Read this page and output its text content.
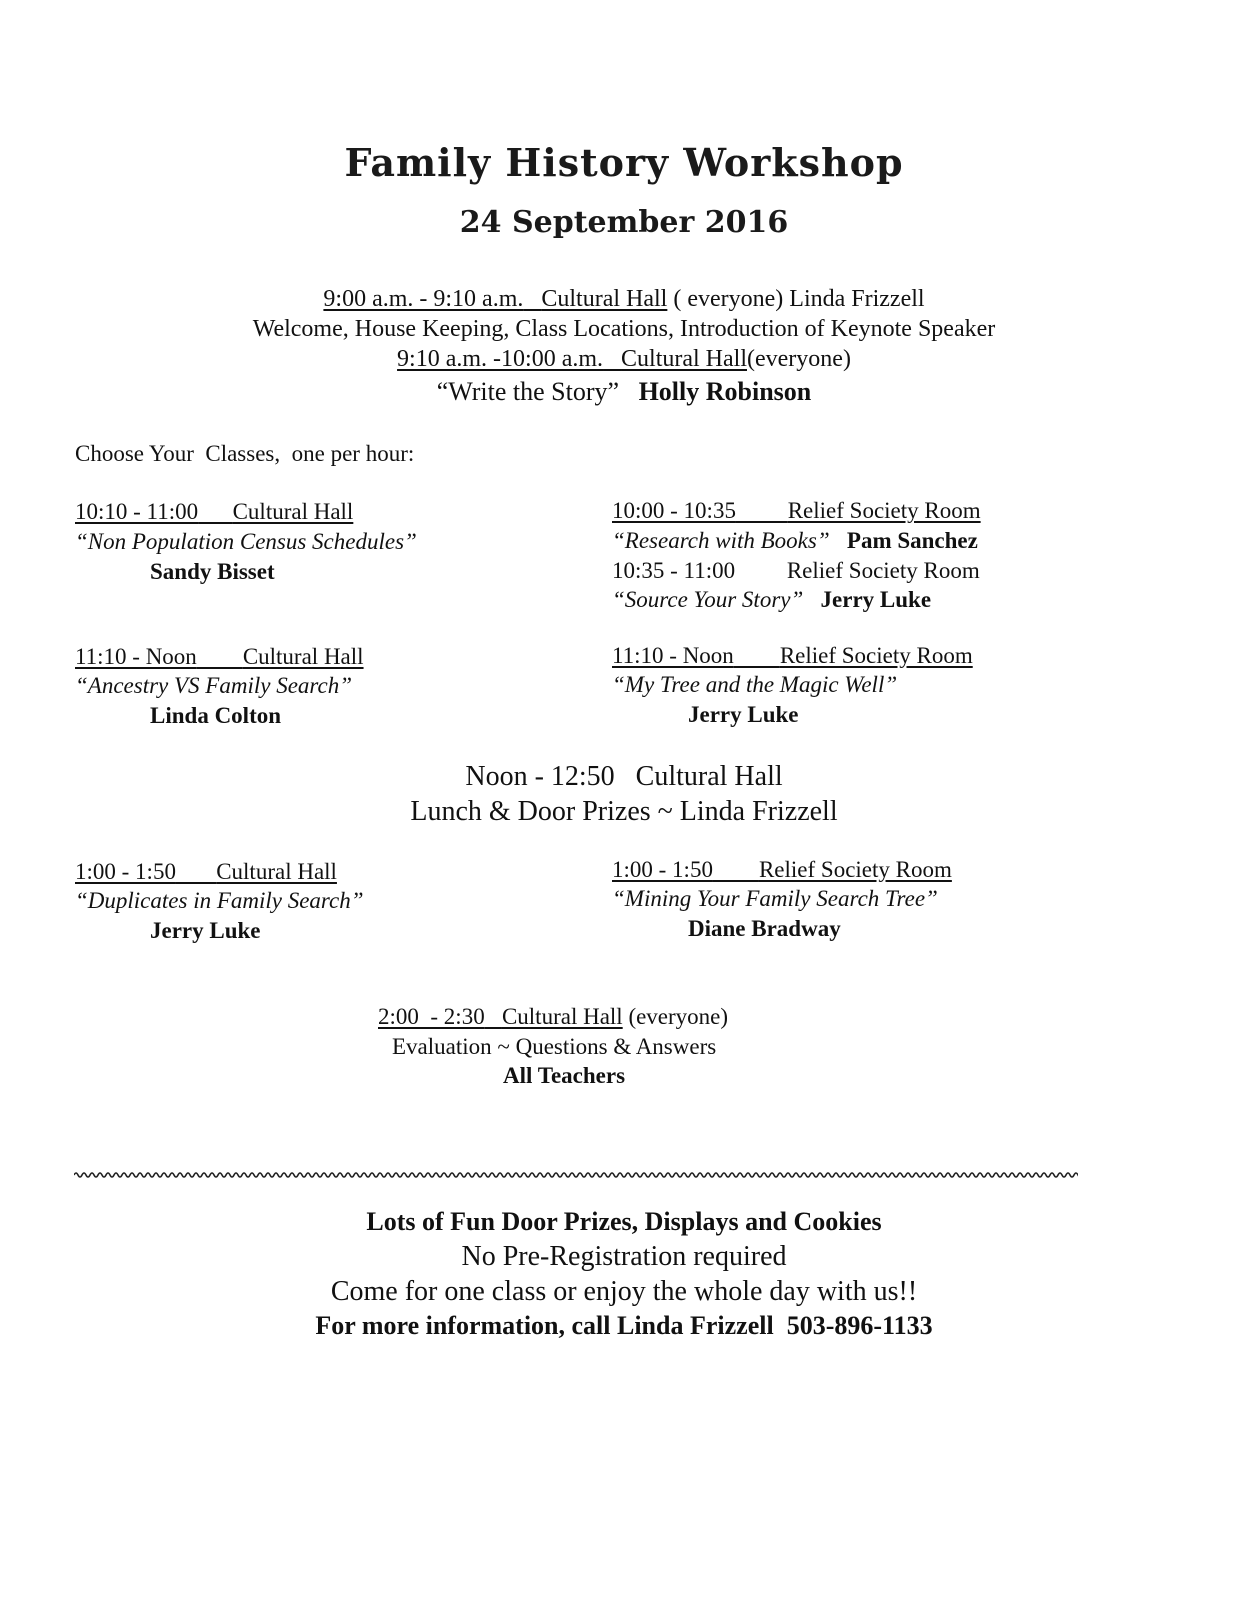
Family History Workshop
24 September 2016
9:00 a.m. - 9:10 a.m. Cultural Hall ( everyone) Linda Frizzell
Welcome, House Keeping, Class Locations, Introduction of Keynote Speaker
9:10 a.m. -10:00 a.m. Cultural Hall(everyone)
“Write the Story” Holly Robinson
Choose Your  Classes,  one per hour:
10:10 - 11:00 Cultural Hall
“Non Population Census Schedules”
Sandy Bisset
10:00 - 10:35 Relief Society Room
“Research with Books” Pam Sanchez
10:35 - 11:00 Relief Society Room
“Source Your Story” Jerry Luke
11:10 - Noon Cultural Hall
“Ancestry VS Family Search”
Linda Colton
11:10 - Noon Relief Society Room
“My Tree and the Magic Well”
Jerry Luke
Noon - 12:50   Cultural Hall
Lunch & Door Prizes ~ Linda Frizzell
1:00 - 1:50 Cultural Hall
“Duplicates in Family Search”
Jerry Luke
1:00 - 1:50 Relief Society Room
“Mining Your Family Search Tree”
Diane Bradway
2:00  - 2:30 Cultural Hall (everyone)
Evaluation ~ Questions & Answers
All Teachers
Lots of Fun Door Prizes, Displays and Cookies
No Pre-Registration required
Come for one class or enjoy the whole day with us!!
For more information, call Linda Frizzell  503-896-1133
